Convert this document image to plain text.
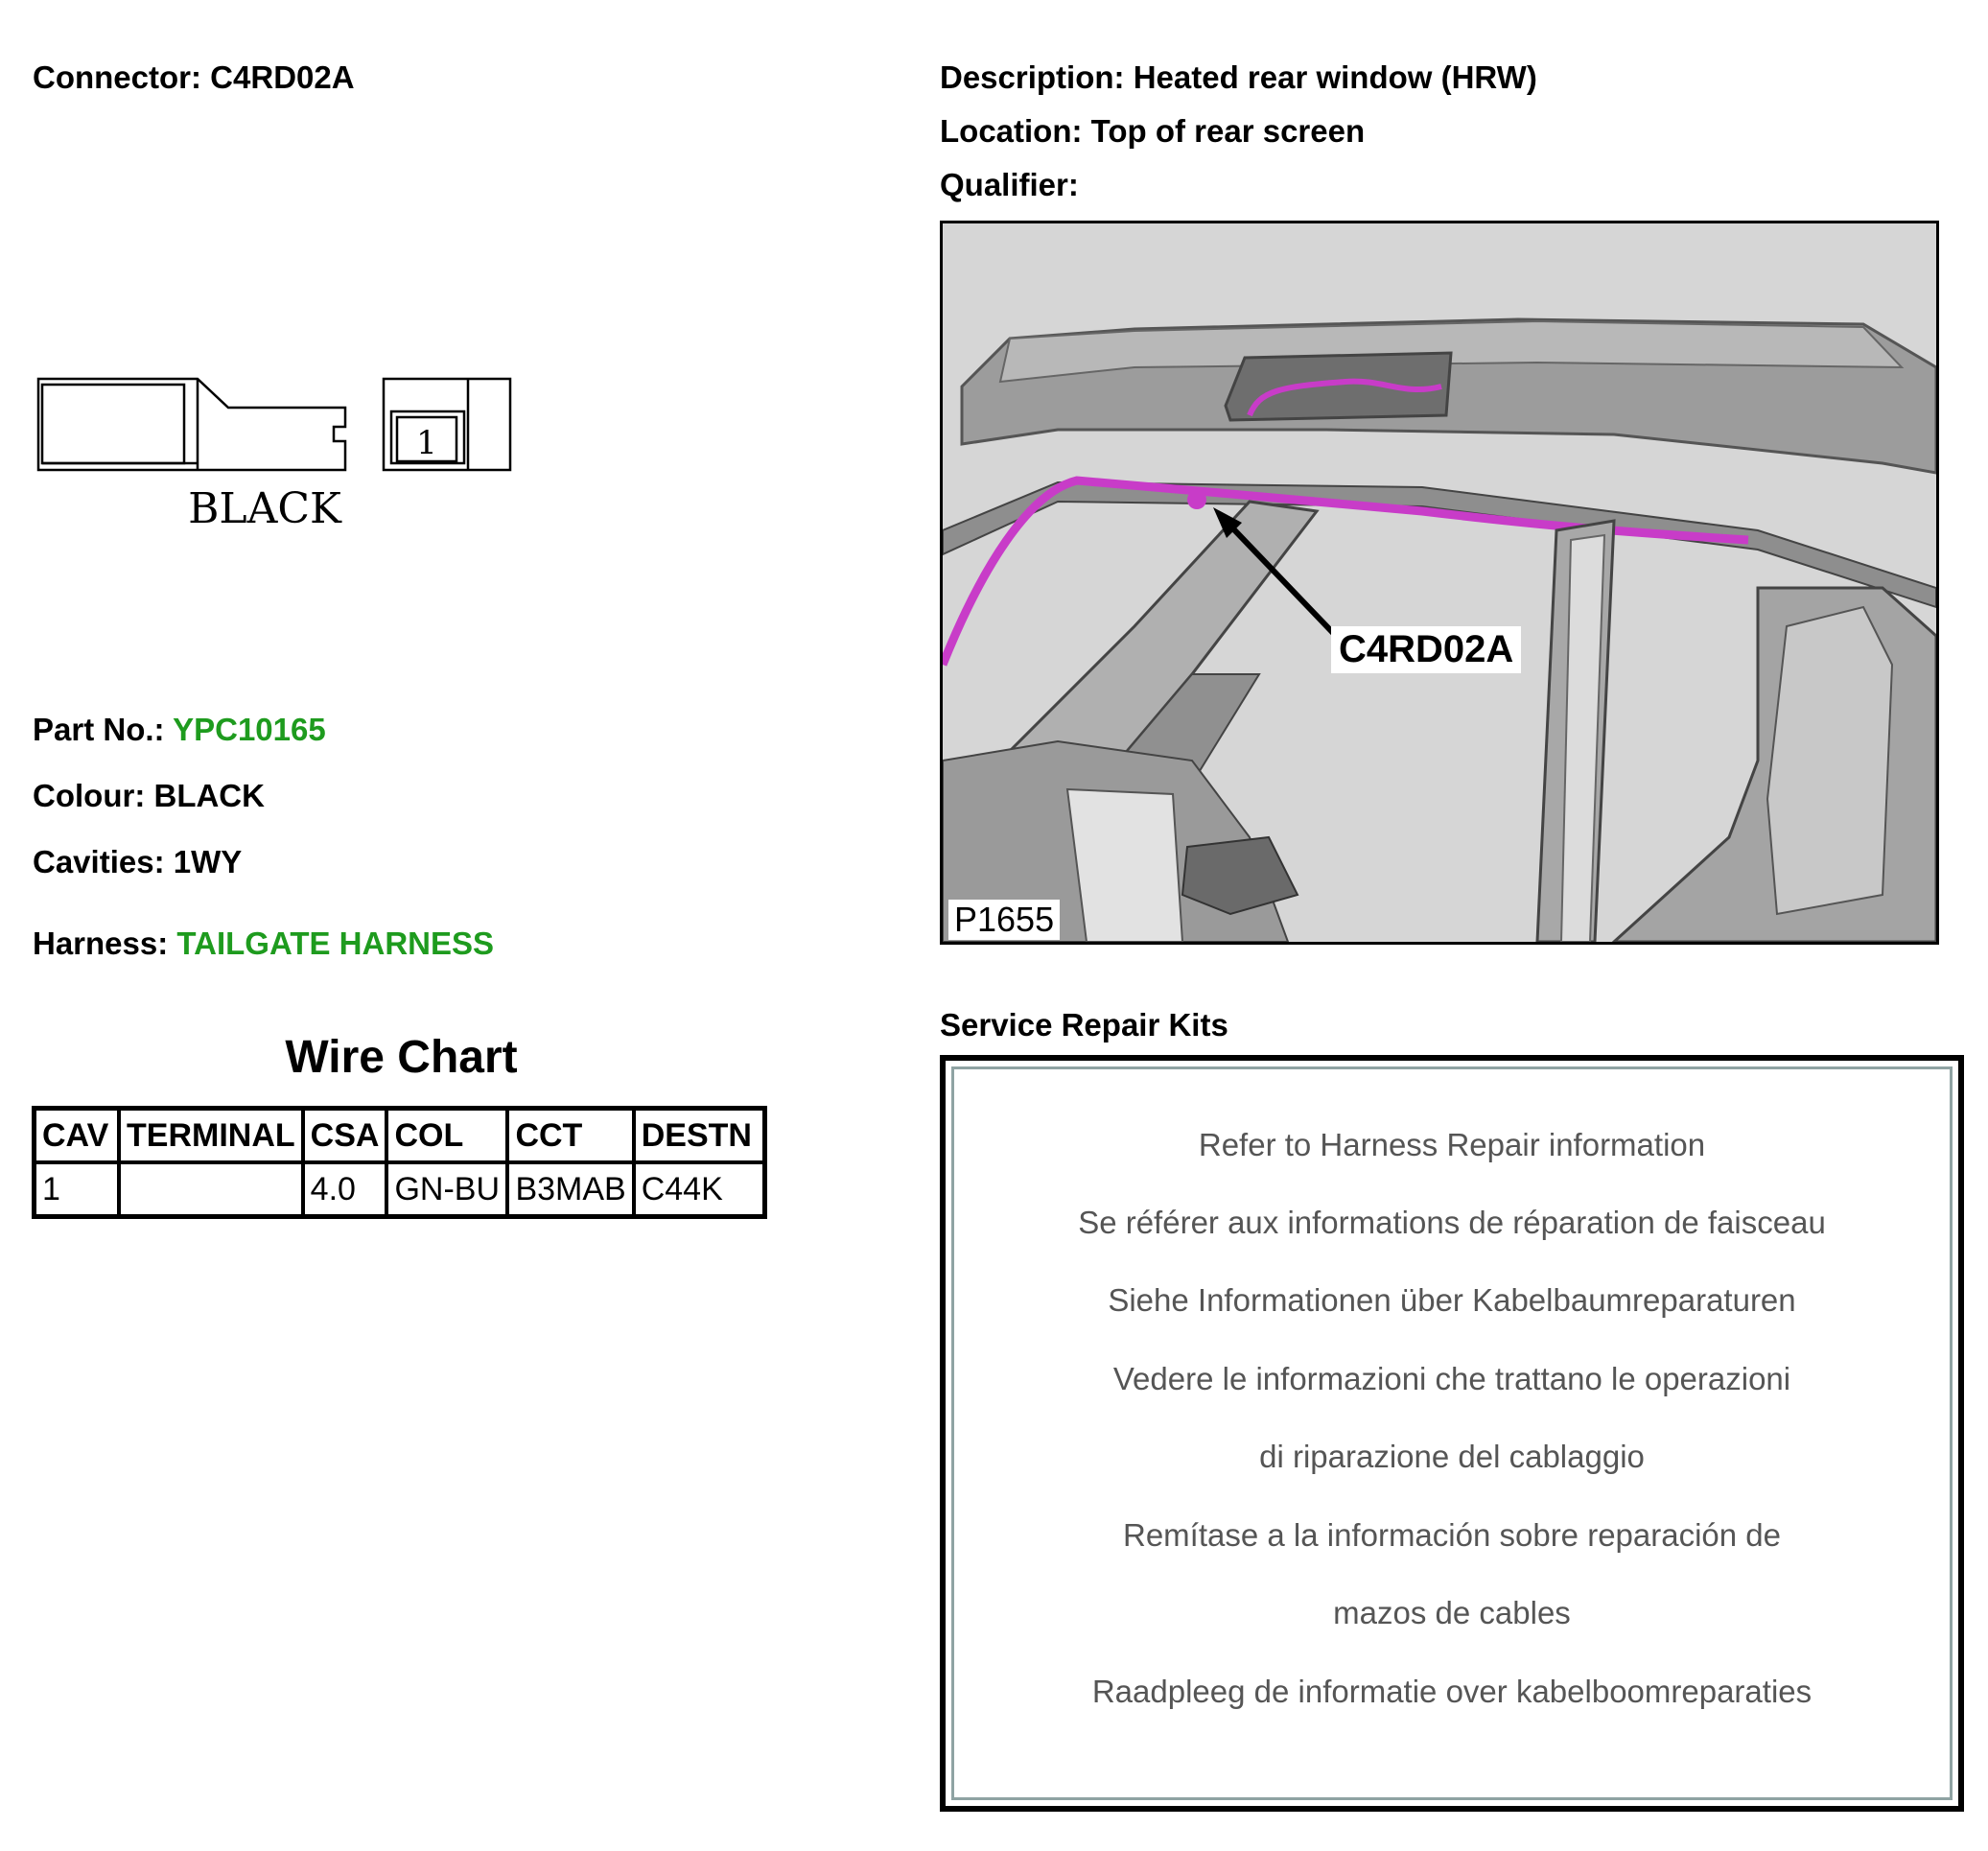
Connector: C4RD02A
1
BLACK
Part No.: YPC10165
Colour: BLACK
Cavities: 1WY
Harness: TAILGATE HARNESS
Wire Chart
CAV	TERMINAL	CSA	COL	CCT	DESTN
1		4.0	GN-BU	B3MAB	C44K
Description: Heated rear window (HRW)
Location: Top of rear screen
Qualifier:
C4RD02A
P1655
Service Repair Kits
Refer to Harness Repair information
Se référer aux informations de réparation de faisceau
Siehe Informationen über Kabelbaumreparaturen
Vedere le informazioni che trattano le operazioni
di riparazione del cablaggio
Remítase a la información sobre reparación de
mazos de cables
Raadpleeg de informatie over kabelboomreparaties
